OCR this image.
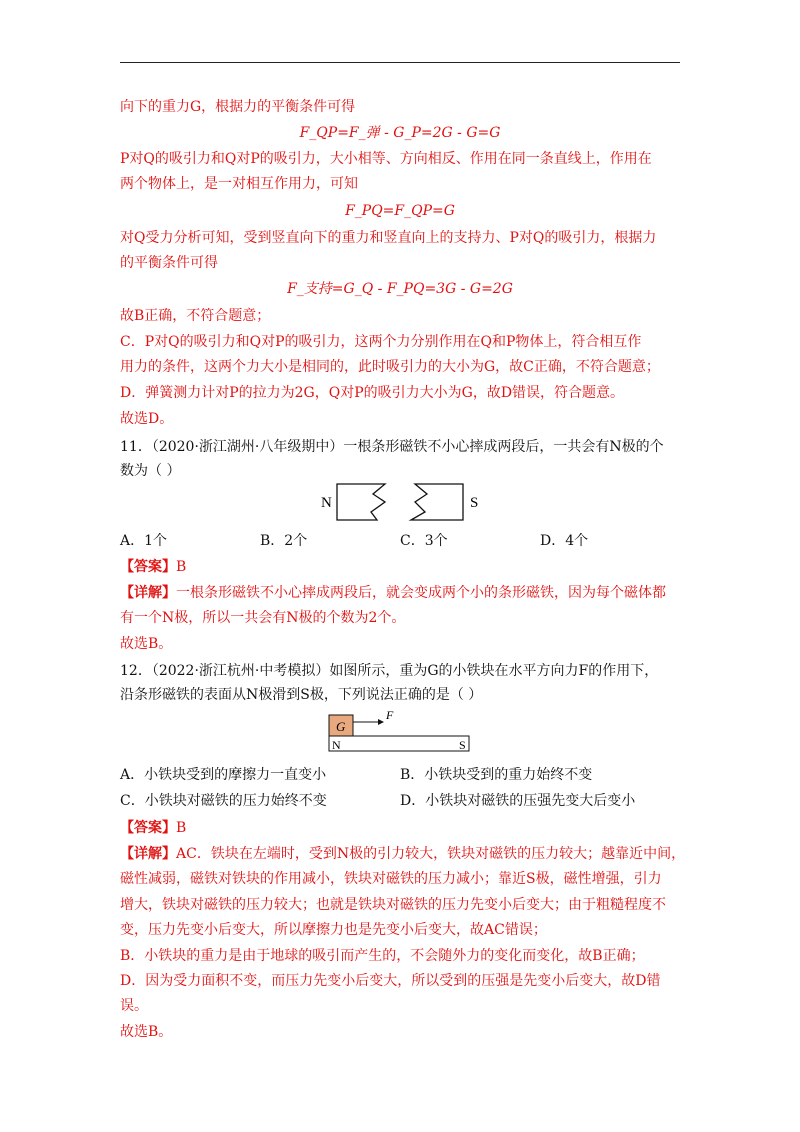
向下的重力G，根据力的平衡条件可得
F_QP=F_弹 - G_P=2G - G=G
P对Q的吸引力和Q对P的吸引力，大小相等、方向相反、作用在同一条直线上，作用在
两个物体上，是一对相互作用力，可知
F_PQ=F_QP=G
对Q受力分析可知，受到竖直向下的重力和竖直向上的支持力、P对Q的吸引力，根据力
的平衡条件可得
F_支持=G_Q - F_PQ=3G - G=2G
故B正确，不符合题意；
C．P对Q的吸引力和Q对P的吸引力，这两个力分别作用在Q和P物体上，符合相互作
用力的条件，这两个力大小是相同的，此时吸引力的大小为G，故C正确，不符合题意；
D．弹簧测力计对P的拉力为2G，Q对P的吸引力大小为G，故D错误，符合题意。
故选D。
11．（2020·浙江湖州·八年级期中）一根条形磁铁不小心摔成两段后，一共会有N极的个
数为（ ）
N	S
A．1个	B．2个	C．3个	D．4个
【答案】B
【详解】一根条形磁铁不小心摔成两段后，就会变成两个小的条形磁铁，因为每个磁体都
有一个N极，所以一共会有N极的个数为2个。
故选B。
12．（2022·浙江杭州·中考模拟）如图所示，重为G的小铁块在水平方向力F的作用下，
沿条形磁铁的表面从N极滑到S极，下列说法正确的是（ ）
G
F
N	S
A．小铁块受到的摩擦力一直变小	B．小铁块受到的重力始终不变
C．小铁块对磁铁的压力始终不变	D．小铁块对磁铁的压强先变大后变小
【答案】B
【详解】AC．铁块在左端时，受到N极的引力较大，铁块对磁铁的压力较大；越靠近中间，
磁性减弱，磁铁对铁块的作用减小，铁块对磁铁的压力减小；靠近S极，磁性增强，引力
增大，铁块对磁铁的压力较大；也就是铁块对磁铁的压力先变小后变大；由于粗糙程度不
变，压力先变小后变大，所以摩擦力也是先变小后变大，故AC错误；
B．小铁块的重力是由于地球的吸引而产生的，不会随外力的变化而变化，故B正确；
D．因为受力面积不变，而压力先变小后变大，所以受到的压强是先变小后变大，故D错
误。
故选B。
